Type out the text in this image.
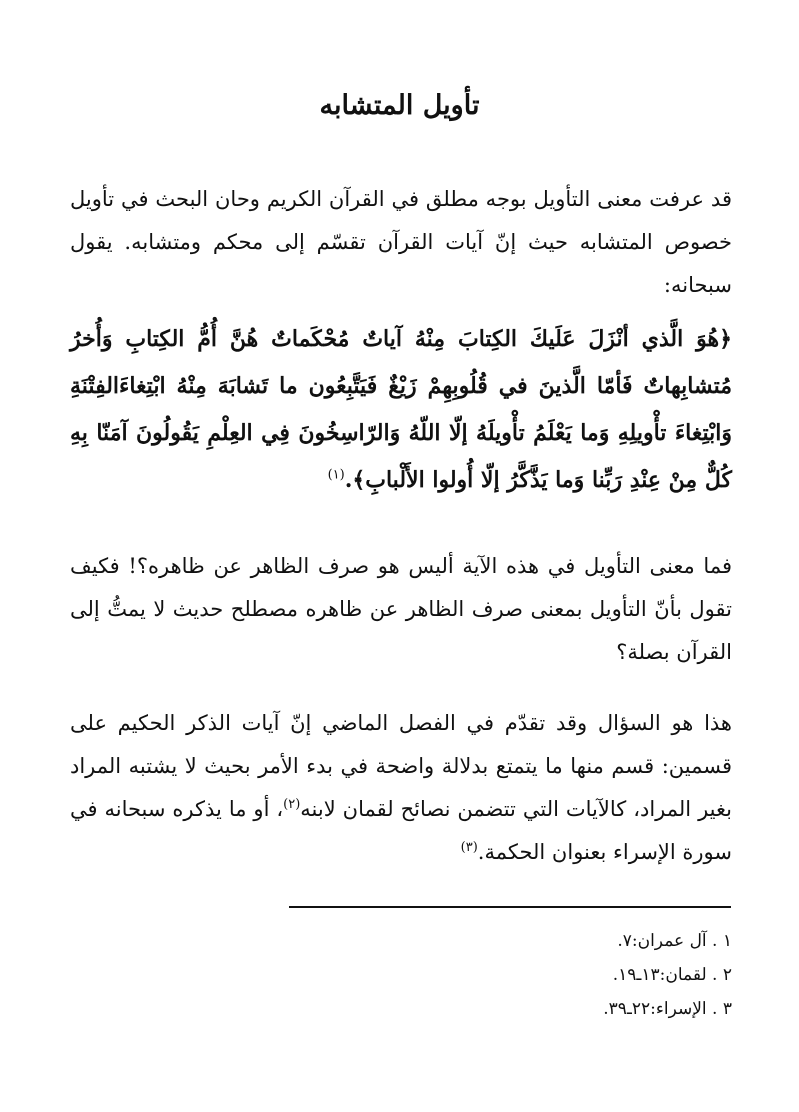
تأويل المتشابه

قد عرفت معنى التأويل بوجه مطلق في القرآن الكريم وحان البحث في تأويل خصوص المتشابه حيث إنّ آيات القرآن تقسّم إلى محكم ومتشابه. يقول سبحانه:

﴿هُوَ الَّذي أنْزَلَ عَلَيكَ الكِتابَ مِنْهُ آياتٌ مُحْكَماتٌ هُنَّ أُمُّ الكِتابِ وَأُخرُ مُتشابِهاتٌ فَأمّا الَّذينَ في قُلُوبِهِمْ زَيْغٌ فَيَتَّبِعُون ما تَشابَهَ مِنْهُ ابْتِغاءَالفِتْنَةِ وَابْتِغاءَ تأْويلِهِ وَما يَعْلَمُ تأْويلَهُ إلّا اللّهُ وَالرّاسِخُونَ فِي العِلْمِ يَقُولُونَ آمَنّا بِهِ كُلٌّ مِنْ عِنْدِ رَبِّنا وَما يَذَّكَّرُ إلّا أُولوا الأَلْبابِ﴾.$^{(١)}$

فما معنى التأويل في هذه الآية أليس هو صرف الظاهر عن ظاهره؟! فكيف تقول بأنّ التأويل بمعنى صرف الظاهر عن ظاهره مصطلح حديث لا يمتُّ إلى القرآن بصلة؟

هذا هو السؤال وقد تقدّم في الفصل الماضي إنّ آيات الذكر الحكيم على قسمين: قسم منها ما يتمتع بدلالة واضحة في بدء الأمر بحيث لا يشتبه المراد بغير المراد، كالآيات التي تتضمن نصائح لقمان لابنه$^{(٢)}$، أو ما يذكره سبحانه في سورة الإسراء بعنوان الحكمة.$^{(٣)}$

١ . آل عمران:٧.
٢ . لقمان:١٣ـ١٩.
٣ . الإسراء:٢٢ـ٣٩.
